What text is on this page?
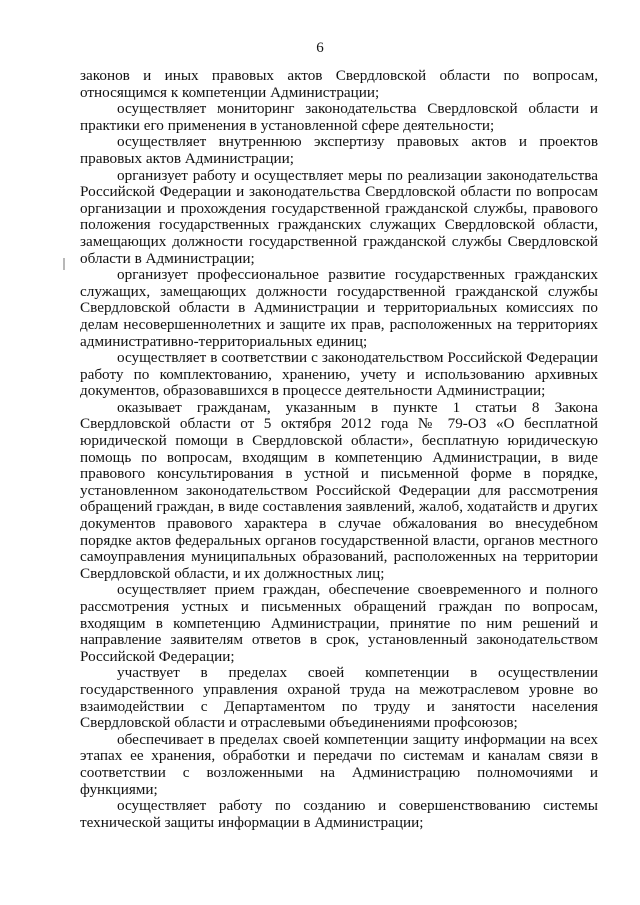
6

законов и иных правовых актов Свердловской области по вопросам, относящимся к компетенции Администрации;

осуществляет мониторинг законодательства Свердловской области и практики его применения в установленной сфере деятельности;

осуществляет внутреннюю экспертизу правовых актов и проектов правовых актов Администрации;

организует работу и осуществляет меры по реализации законодательства Российской Федерации и законодательства Свердловской области по вопросам организации и прохождения государственной гражданской службы, правового положения государственных гражданских служащих Свердловской области, замещающих должности государственной гражданской службы Свердловской области в Администрации;

организует профессиональное развитие государственных гражданских служащих, замещающих должности государственной гражданской службы Свердловской области в Администрации и территориальных комиссиях по делам несовершеннолетних и защите их прав, расположенных на территориях административно-территориальных единиц;

осуществляет в соответствии с законодательством Российской Федерации работу по комплектованию, хранению, учету и использованию архивных документов, образовавшихся в процессе деятельности Администрации;

оказывает гражданам, указанным в пункте 1 статьи 8 Закона Свердловской области от 5 октября 2012 года № 79-ОЗ «О бесплатной юридической помощи в Свердловской области», бесплатную юридическую помощь по вопросам, входящим в компетенцию Администрации, в виде правового консультирования в устной и письменной форме в порядке, установленном законодательством Российской Федерации для рассмотрения обращений граждан, в виде составления заявлений, жалоб, ходатайств и других документов правового характера в случае обжалования во внесудебном порядке актов федеральных органов государственной власти, органов местного самоуправления муниципальных образований, расположенных на территории Свердловской области, и их должностных лиц;

осуществляет прием граждан, обеспечение своевременного и полного рассмотрения устных и письменных обращений граждан по вопросам, входящим в компетенцию Администрации, принятие по ним решений и направление заявителям ответов в срок, установленный законодательством Российской Федерации;

участвует в пределах своей компетенции в осуществлении государственного управления охраной труда на межотраслевом уровне во взаимодействии с Департаментом по труду и занятости населения Свердловской области и отраслевыми объединениями профсоюзов;

обеспечивает в пределах своей компетенции защиту информации на всех этапах ее хранения, обработки и передачи по системам и каналам связи в соответствии с возложенными на Администрацию полномочиями и функциями;

осуществляет работу по созданию и совершенствованию системы технической защиты информации в Администрации;
